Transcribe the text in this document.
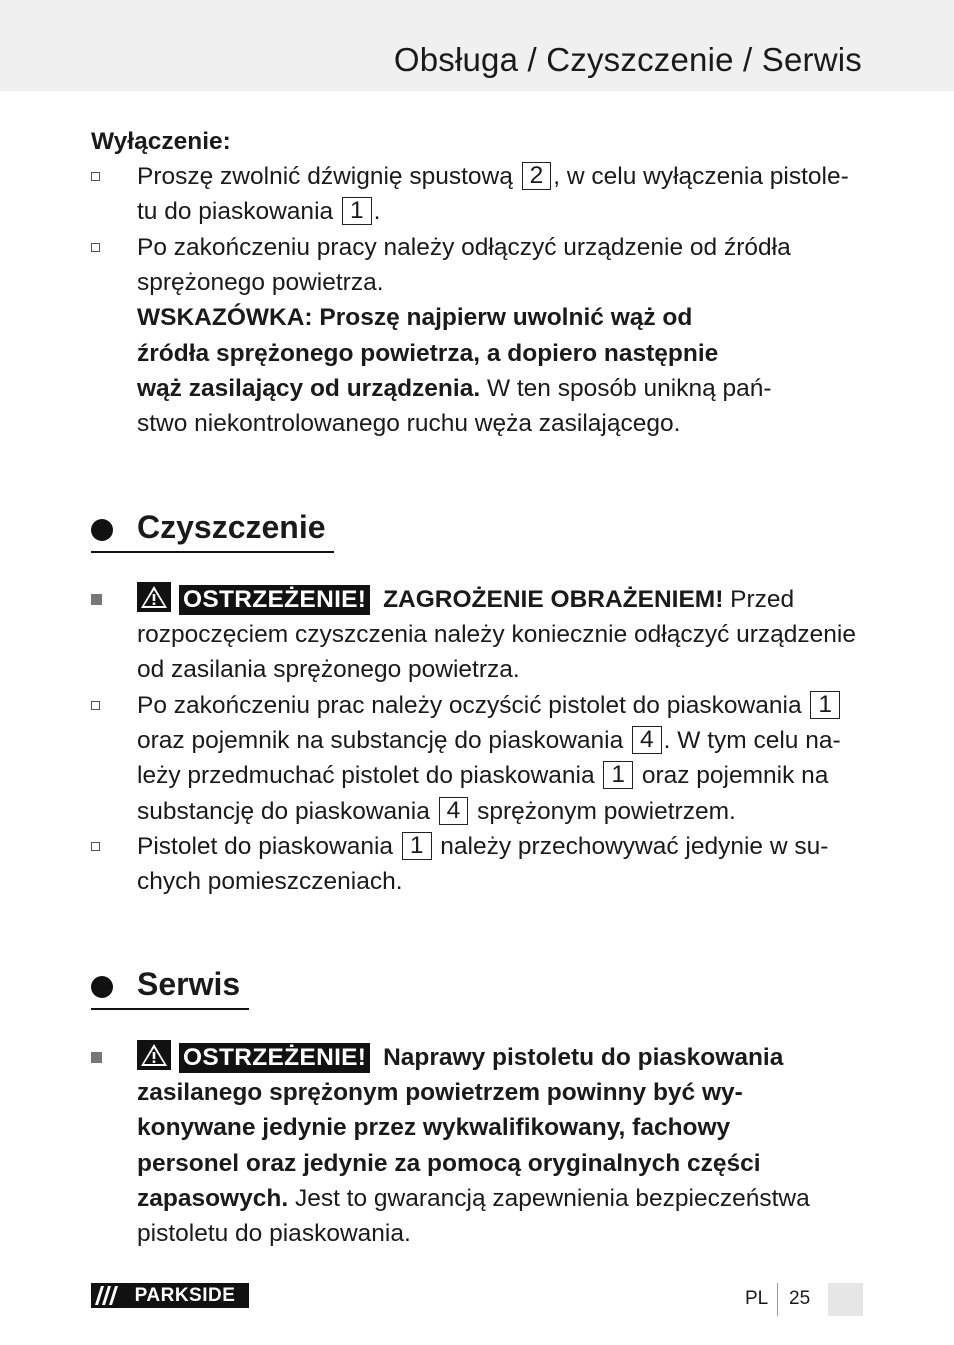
Obsługa / Czyszczenie / Serwis
Wyłączenie:
Proszę zwolnić dźwignię spustową 2 , w celu wyłączenia pistole-
tu do piaskowania 1 .
Po zakończeniu pracy należy odłączyć urządzenie od źródła
sprężonego powietrza.
WSKAZÓWKA: Proszę najpierw uwolnić wąż od
źródła sprężonego powietrza, a dopiero następnie
wąż zasilający od urządzenia. W ten sposób unikną pań-
stwo niekontrolowanego ruchu węża zasilającego.
Czyszczenie
OSTRZEŻENIE! ZAGROŻENIE OBRAŻENIEM! Przed
rozpoczęciem czyszczenia należy koniecznie odłączyć urządzenie
od zasilania sprężonego powietrza.
Po zakończeniu prac należy oczyścić pistolet do piaskowania 1
oraz pojemnik na substancję do piaskowania 4 . W tym celu na-
leży przedmuchać pistolet do piaskowania 1 oraz pojemnik na
substancję do piaskowania 4 sprężonym powietrzem.
Pistolet do piaskowania 1 należy przechowywać jedynie w su-
chych pomieszczeniach.
Serwis
OSTRZEŻENIE! Naprawy pistoletu do piaskowania
zasilanego sprężonym powietrzem powinny być wy-
konywane jedynie przez wykwalifikowany, fachowy
personel oraz jedynie za pomocą oryginalnych części
zapasowych. Jest to gwarancją zapewnienia bezpieczeństwa
pistoletu do piaskowania.
PARKSIDE	PL 25
